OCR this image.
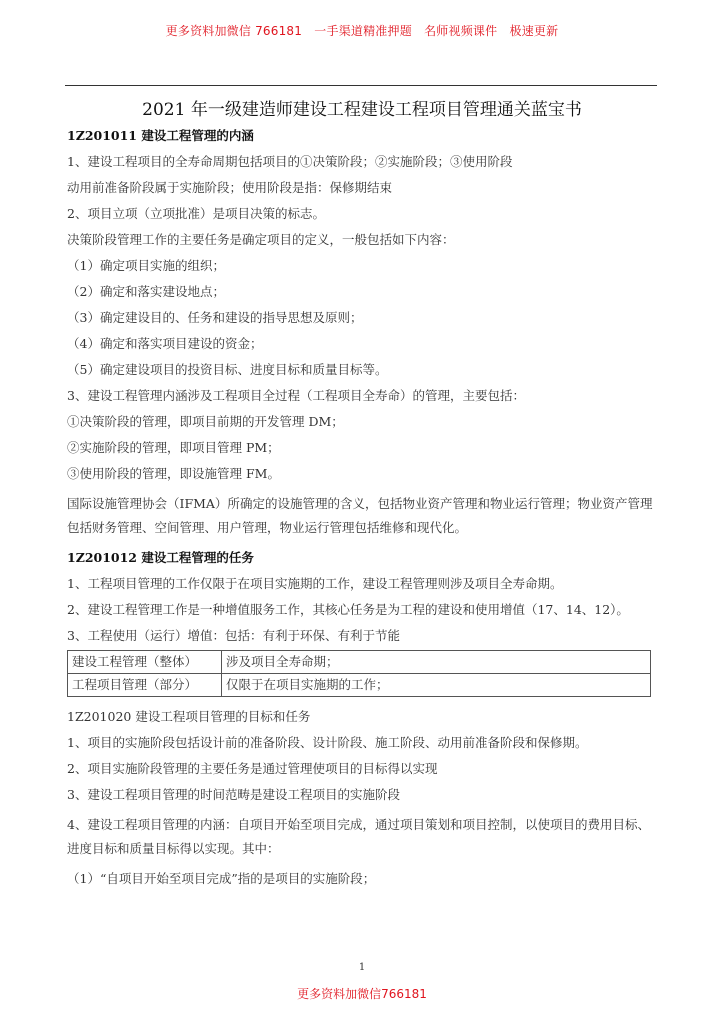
更多资料加微信 766181　一手渠道精准押题　名师视频课件　极速更新
2021 年一级建造师建设工程建设工程项目管理通关蓝宝书
1Z201011 建设工程管理的内涵
1、建设工程项目的全寿命周期包括项目的①决策阶段；②实施阶段；③使用阶段
动用前准备阶段属于实施阶段；使用阶段是指：保修期结束
2、项目立项（立项批准）是项目决策的标志。
决策阶段管理工作的主要任务是确定项目的定义，一般包括如下内容：
（1）确定项目实施的组织；
（2）确定和落实建设地点；
（3）确定建设目的、任务和建设的指导思想及原则；
（4）确定和落实项目建设的资金；
（5）确定建设项目的投资目标、进度目标和质量目标等。
3、建设工程管理内涵涉及工程项目全过程（工程项目全寿命）的管理，主要包括：
①决策阶段的管理，即项目前期的开发管理 DM；
②实施阶段的管理，即项目管理 PM；
③使用阶段的管理，即设施管理 FM。
国际设施管理协会（IFMA）所确定的设施管理的含义，包括物业资产管理和物业运行管理；物业资产管理包括财务管理、空间管理、用户管理，物业运行管理包括维修和现代化。
1Z201012 建设工程管理的任务
1、工程项目管理的工作仅限于在项目实施期的工作，建设工程管理则涉及项目全寿命期。
2、建设工程管理工作是一种增值服务工作，其核心任务是为工程的建设和使用增值（17、14、12）。
3、工程使用（运行）增值：包括：有利于环保、有利于节能
建设工程管理（整体）	涉及项目全寿命期；
工程项目管理（部分）	仅限于在项目实施期的工作；
1Z201020 建设工程项目管理的目标和任务
1、项目的实施阶段包括设计前的准备阶段、设计阶段、施工阶段、动用前准备阶段和保修期。
2、项目实施阶段管理的主要任务是通过管理使项目的目标得以实现
3、建设工程项目管理的时间范畴是建设工程项目的实施阶段
4、建设工程项目管理的内涵：自项目开始至项目完成，通过项目策划和项目控制，以使项目的费用目标、进度目标和质量目标得以实现。其中：
（1）“自项目开始至项目完成”指的是项目的实施阶段；
1
更多资料加微信766181
